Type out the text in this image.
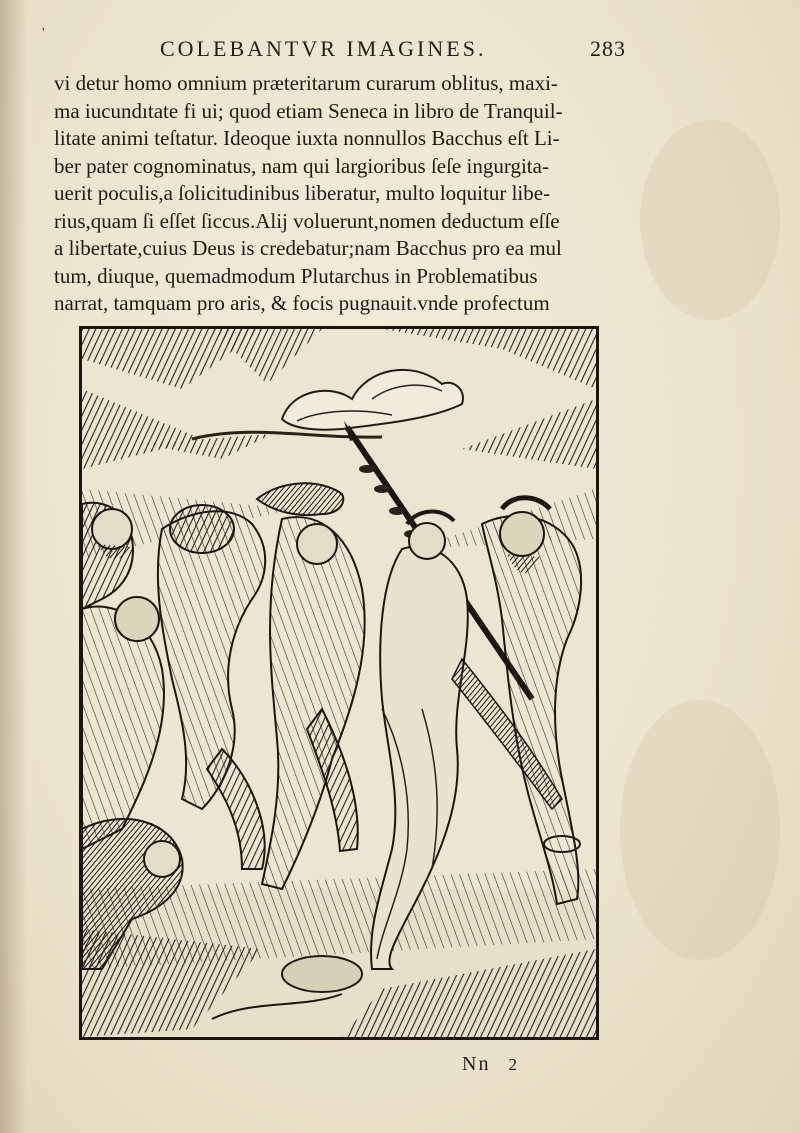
'
COLEBANTVR IMAGINES.	283
vi detur homo omnium præteritarum curarum oblitus, maxi-
ma iucundıtate fi ui; quod etiam Seneca in libro de Tranquil-
litate animi teſtatur. Ideoque iuxta nonnullos Bacchus eſt Li-
ber pater cognominatus, nam qui largioribus ſeſe ingurgita-
uerit poculis,a ſolicitudinibus liberatur, multo loquitur libe-
rius,quam ſi eſſet ſiccus.Alij voluerunt,nomen deductum eſſe
a libertate,cuius Deus is credebatur;nam Bacchus pro ea mul
tum, diuque, quemadmodum Plutarchus in Problematibus
narrat, tamquam pro aris, & focis pugnauit.vnde profectum
Nn 2
